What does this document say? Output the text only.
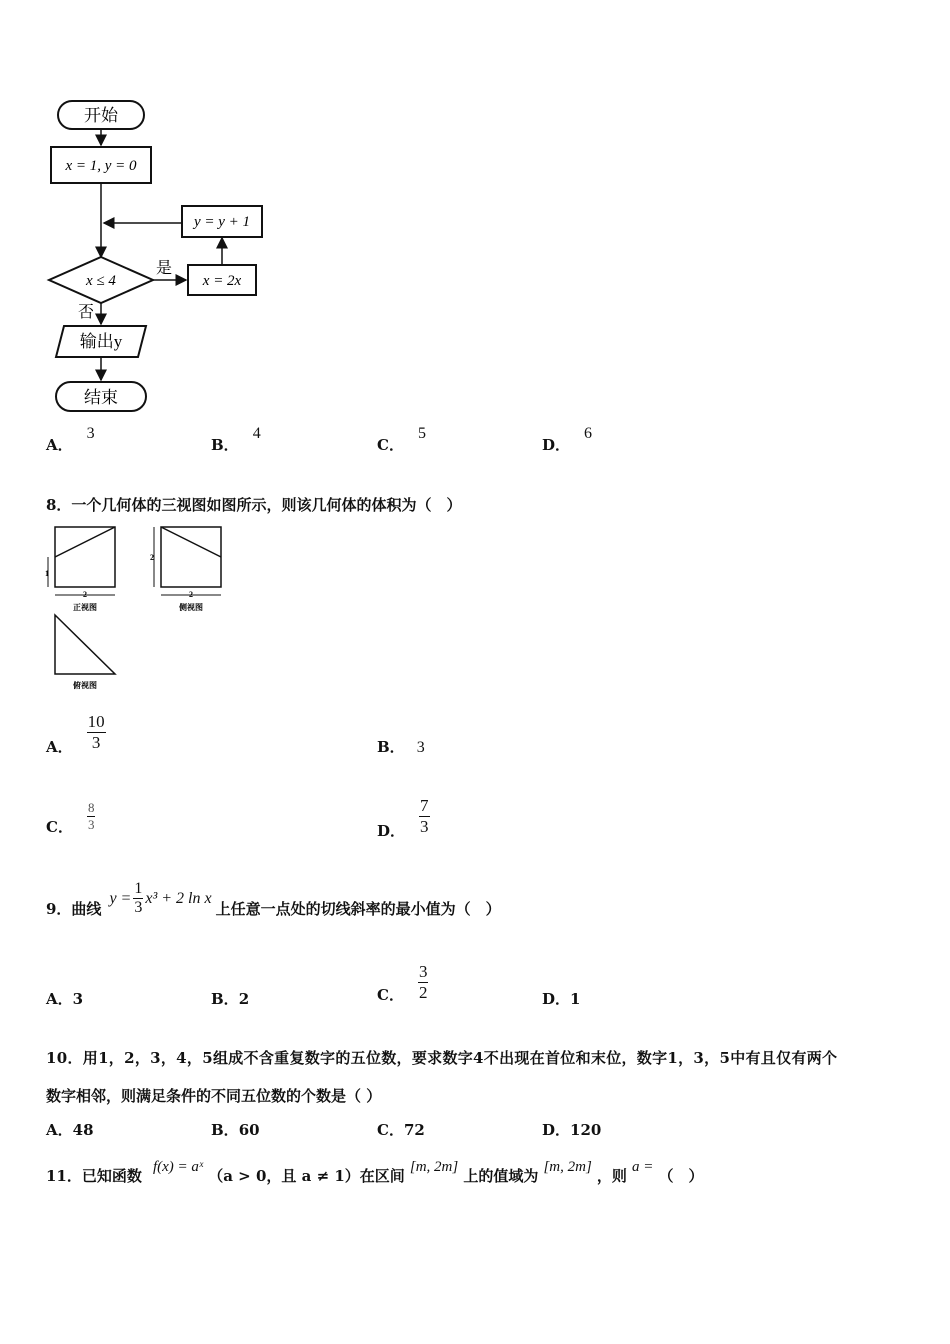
开始
x = 1, y = 0
x ≤ 4
是
x = 2x
y = y + 1
否
输出y
结束
A．3
B．4
C．5
D．6
8．一个几何体的三视图如图所示，则该几何体的体积为（　）
1
2
正视图
2
2
侧视图
俯视图
A． $\frac{10}{3}$	B． 3
C． $\frac{8}{3}$	D． $\frac{7}{3}$
9．曲线
$y = \frac{1}{3} x^3 + 2$ ln x
上任意一点处的切线斜率的最小值为（　）
A．3	B．2	C． $\frac{3}{2}$	D．1
10．用1，2，3，4，5组成不含重复数字的五位数，要求数字4不出现在首位和末位，数字1，3，5中有且仅有两个
数字相邻，则满足条件的不同五位数的个数是（ ）
A．48	B．60	C．72	D．120
11．已知函数 f(x) = aˣ （a > 0，且 a ≠ 1）在区间 [m, 2m] 上的值域为 [m, 2m] ，则 a = （　）
